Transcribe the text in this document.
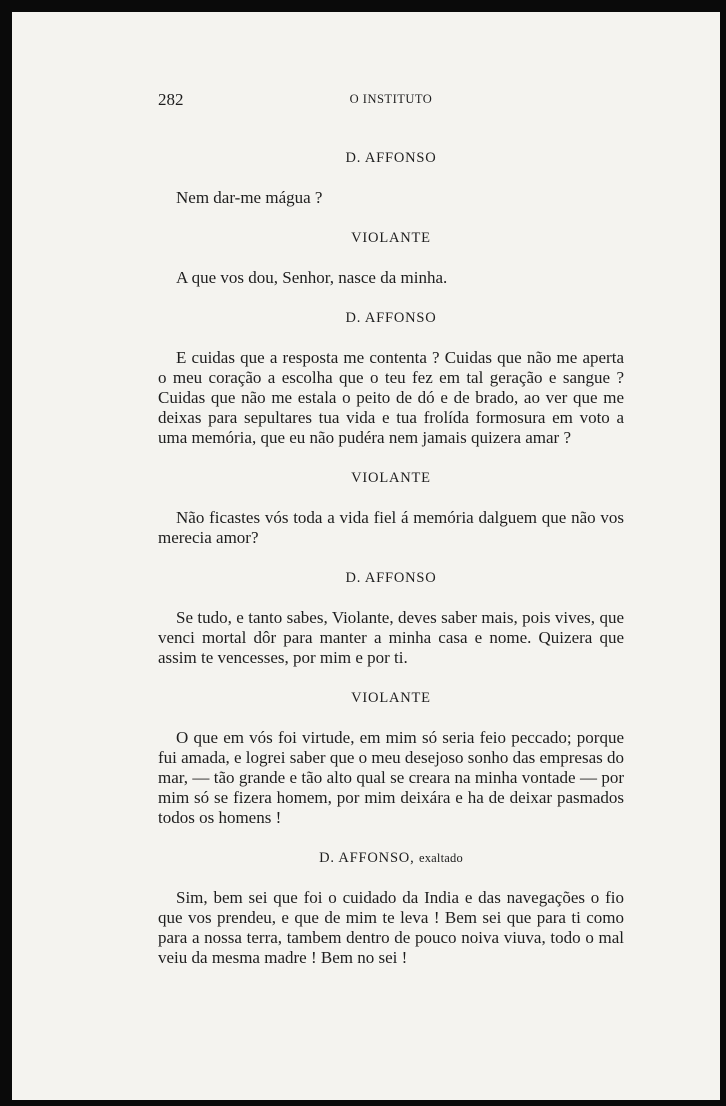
282	O INSTITUTO
D. AFFONSO

Nem dar-me mágua ?

VIOLANTE

A que vos dou, Senhor, nasce da minha.

D. AFFONSO

E cuidas que a resposta me contenta ? Cuidas que não me aperta o meu coração a escolha que o teu fez em tal geração e sangue ? Cuidas que não me estala o peito de dó e de brado, ao ver que me deixas para sepultares tua vida e tua frolída formosura em voto a uma memória, que eu não pudéra nem jamais quizera amar ?

VIOLANTE

Não ficastes vós toda a vida fiel á memória dalguem que não vos merecia amor?

D. AFFONSO

Se tudo, e tanto sabes, Violante, deves saber mais, pois vives, que venci mortal dôr para manter a minha casa e nome. Quizera que assim te vencesses, por mim e por ti.

VIOLANTE

O que em vós foi virtude, em mim só seria feio peccado; porque fui amada, e logrei saber que o meu desejoso sonho das empresas do mar, — tão grande e tão alto qual se creara na minha vontade — por mim só se fizera homem, por mim deixára e ha de deixar pasmados todos os homens !

D. AFFONSO, exaltado

Sim, bem sei que foi o cuidado da India e das navegações o fio que vos prendeu, e que de mim te leva ! Bem sei que para ti como para a nossa terra, tambem dentro de pouco noiva viuva, todo o mal veiu da mesma madre ! Bem no sei !
